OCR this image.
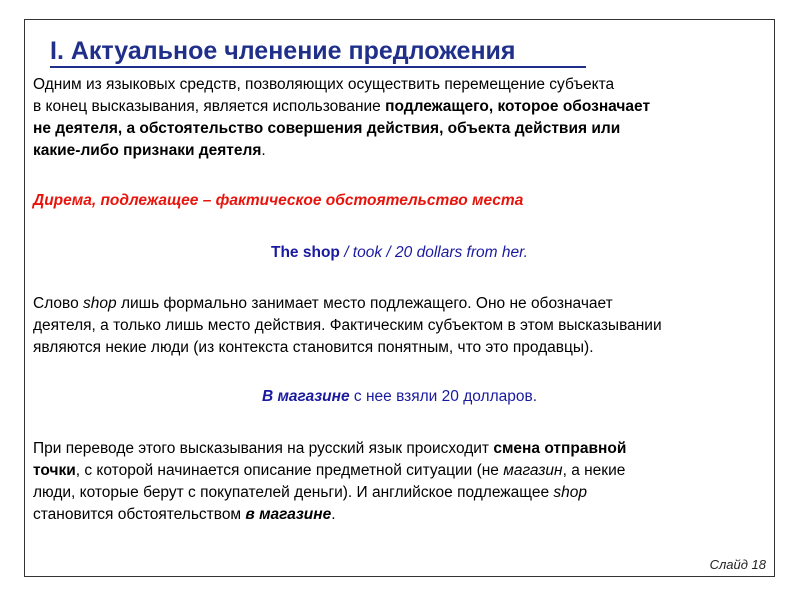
I. Актуальное членение предложения

Одним из языковых средств, позволяющих осуществить перемещение субъекта
в конец высказывания, является использование подлежащего, которое обозначает
не деятеля, а обстоятельство совершения действия, объекта действия или
какие-либо признаки деятеля.

Дирема, подлежащее – фактическое обстоятельство места

The shop / took / 20 dollars from her.

Слово shop лишь формально занимает место подлежащего. Оно не обозначает
деятеля, а только лишь место действия. Фактическим субъектом в этом высказывании
являются некие люди (из контекста становится понятным, что это продавцы).

В магазине с нее взяли 20 долларов.

При переводе этого высказывания на русский язык происходит смена отправной
точки, с которой начинается описание предметной ситуации (не магазин, а некие
люди, которые берут с покупателей деньги). И английское подлежащее shop
становится обстоятельством в магазине.

Слайд 18
